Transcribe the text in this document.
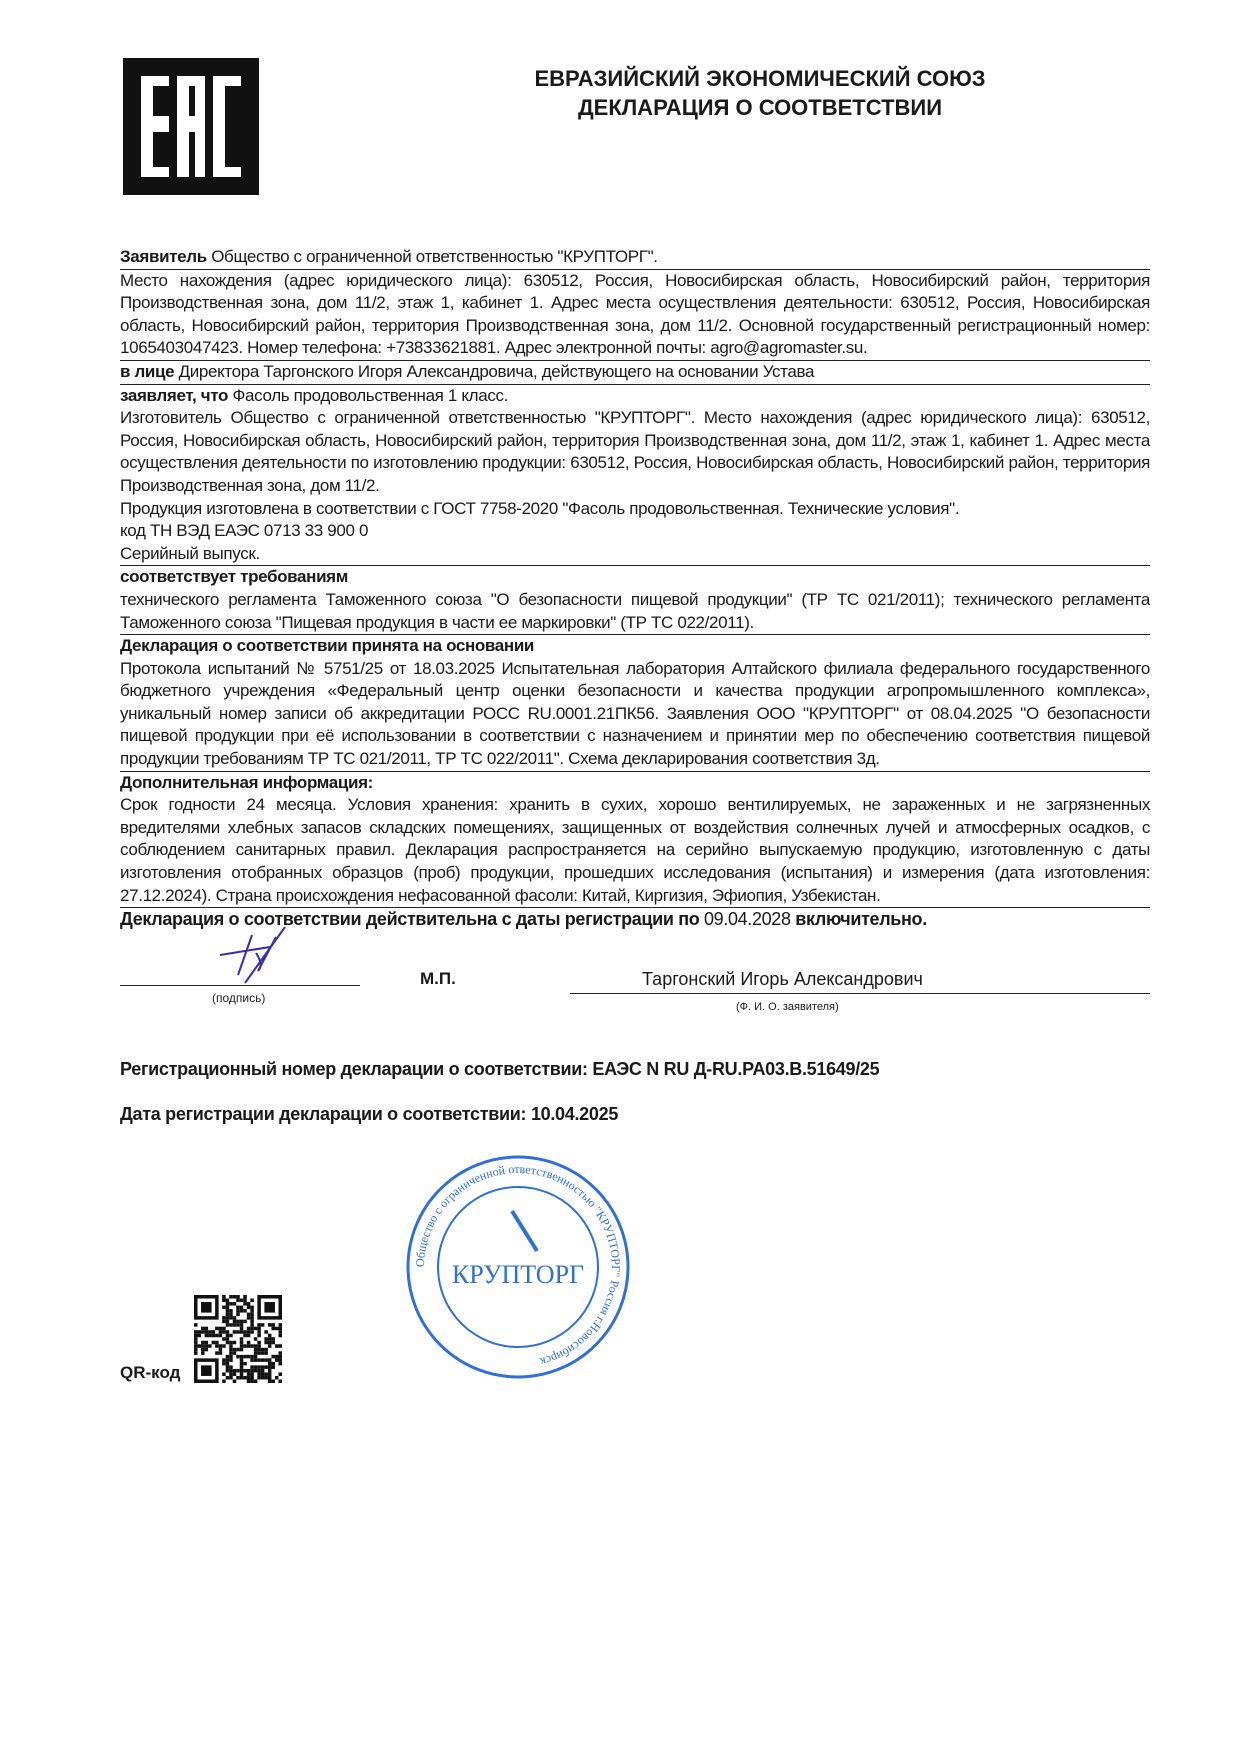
ЕВРАЗИЙСКИЙ ЭКОНОМИЧЕСКИЙ СОЮЗ
ДЕКЛАРАЦИЯ О СООТВЕТСТВИИ

Заявитель Общество с ограниченной ответственностью "КРУПТОРГ".

Место нахождения (адрес юридического лица): 630512, Россия, Новосибирская область, Новосибирский район, территория Производственная зона, дом 11/2, этаж 1, кабинет 1. Адрес места осуществления деятельности: 630512, Россия, Новосибирская область, Новосибирский район, территория Производственная зона, дом 11/2. Основной государственный регистрационный номер: 1065403047423. Номер телефона: +73833621881. Адрес электронной почты: agro@agromaster.su.

в лице Директора Таргонского Игоря Александровича, действующего на основании Устава

заявляет, что Фасоль продовольственная 1 класс.

Изготовитель Общество с ограниченной ответственностью "КРУПТОРГ". Место нахождения (адрес юридического лица): 630512, Россия, Новосибирская область, Новосибирский район, территория Производственная зона, дом 11/2, этаж 1, кабинет 1. Адрес места осуществления деятельности по изготовлению продукции: 630512, Россия, Новосибирская область, Новосибирский район, территория Производственная зона, дом 11/2.

Продукция изготовлена в соответствии с ГОСТ 7758-2020 "Фасоль продовольственная. Технические условия".

код ТН ВЭД ЕАЭС 0713 33 900 0

Серийный выпуск.

соответствует требованиям

технического регламента Таможенного союза "О безопасности пищевой продукции" (ТР ТС 021/2011); технического регламента Таможенного союза "Пищевая продукция в части ее маркировки" (ТР ТС 022/2011).

Декларация о соответствии принята на основании

Протокола испытаний № 5751/25 от 18.03.2025 Испытательная лаборатория Алтайского филиала федерального государственного бюджетного учреждения «Федеральный центр оценки безопасности и качества продукции агропромышленного комплекса», уникальный номер записи об аккредитации РОСС RU.0001.21ПК56. Заявления ООО "КРУПТОРГ" от 08.04.2025 "О безопасности пищевой продукции при её использовании в соответствии с назначением и принятии мер по обеспечению соответствия пищевой продукции требованиям ТР ТС 021/2011, ТР ТС 022/2011". Схема декларирования соответствия 3д.

Дополнительная информация:

Срок годности 24 месяца. Условия хранения: хранить в сухих, хорошо вентилируемых, не зараженных и не загрязненных вредителями хлебных запасов складских помещениях, защищенных от воздействия солнечных лучей и атмосферных осадков, с соблюдением санитарных правил. Декларация распространяется на серийно выпускаемую продукцию, изготовленную с даты изготовления отобранных образцов (проб) продукции, прошедших исследования (испытания) и измерения (дата изготовления: 27.12.2024). Страна происхождения нефасованной фасоли: Китай, Киргизия, Эфиопия, Узбекистан.

Декларация о соответствии действительна с даты регистрации по 09.04.2028 включительно.

(подпись)
М.П.	Таргонский Игорь Александрович
(Ф. И. О. заявителя)
Регистрационный номер декларации о соответствии: ЕАЭС N RU Д-RU.PA03.B.51649/25
Дата регистрации декларации о соответствии: 10.04.2025
QR-код
Общество с ограниченной ответственностью "КРУПТОРГ" Россия г.Новосибирск
КРУПТОРГ
